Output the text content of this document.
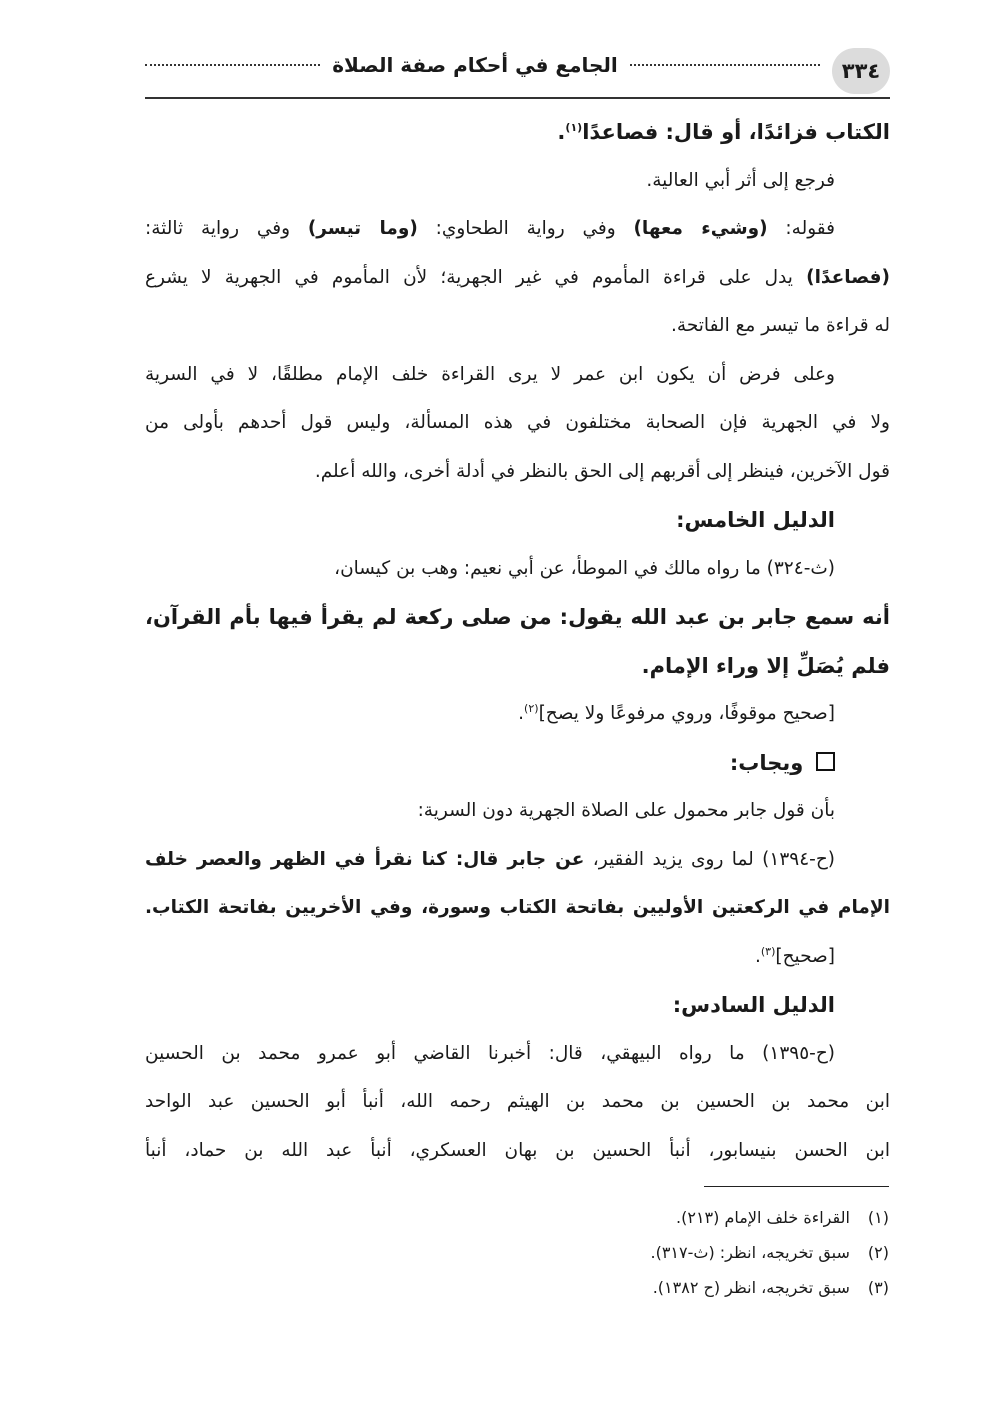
٣٣٤
الجامع في أحكام صفة الصلاة
الكتاب فزائدًا، أو قال: فصاعدًا$^{(١)}$.
فرجع إلى أثر أبي العالية.
فقوله: (وشيء معها) وفي رواية الطحاوي: (وما تيسر) وفي رواية ثالثة:
(فصاعدًا) يدل على قراءة المأموم في غير الجهرية؛ لأن المأموم في الجهرية لا يشرع
له قراءة ما تيسر مع الفاتحة.
وعلى فرض أن يكون ابن عمر لا يرى القراءة خلف الإمام مطلقًا، لا في السرية
ولا في الجهرية فإن الصحابة مختلفون في هذه المسألة، وليس قول أحدهم بأولى من
قول الآخرين، فينظر إلى أقربهم إلى الحق بالنظر في أدلة أخرى، والله أعلم.
الدليل الخامس:
(ث-٣٢٤) ما رواه مالك في الموطأ، عن أبي نعيم: وهب بن كيسان،
أنه سمع جابر بن عبد الله يقول: من صلى ركعة لم يقرأ فيها بأم القرآن،
فلم يُصَلِّ إلا وراء الإمام.
[صحيح موقوفًا، وروي مرفوعًا ولا يصح]$^{(٢)}$.
ويجاب:
بأن قول جابر محمول على الصلاة الجهرية دون السرية:
(ح-١٣٩٤) لما روى يزيد الفقير، عن جابر قال: كنا نقرأ في الظهر والعصر خلف
الإمام في الركعتين الأوليين بفاتحة الكتاب وسورة، وفي الأخريين بفاتحة الكتاب.
[صحيح]$^{(٣)}$.
الدليل السادس:
(ح-١٣٩٥) ما رواه البيهقي، قال: أخبرنا القاضي أبو عمرو محمد بن الحسين
ابن محمد بن الحسين بن محمد بن الهيثم رحمه الله، أنبأ أبو الحسين عبد الواحد
ابن الحسن بنيسابور، أنبأ الحسين بن بهان العسكري، أنبأ عبد الله بن حماد، أنبأ
(١) القراءة خلف الإمام (٢١٣).
(٢) سبق تخريجه، انظر: (ث-٣١٧).
(٣) سبق تخريجه، انظر (ح ١٣٨٢).
